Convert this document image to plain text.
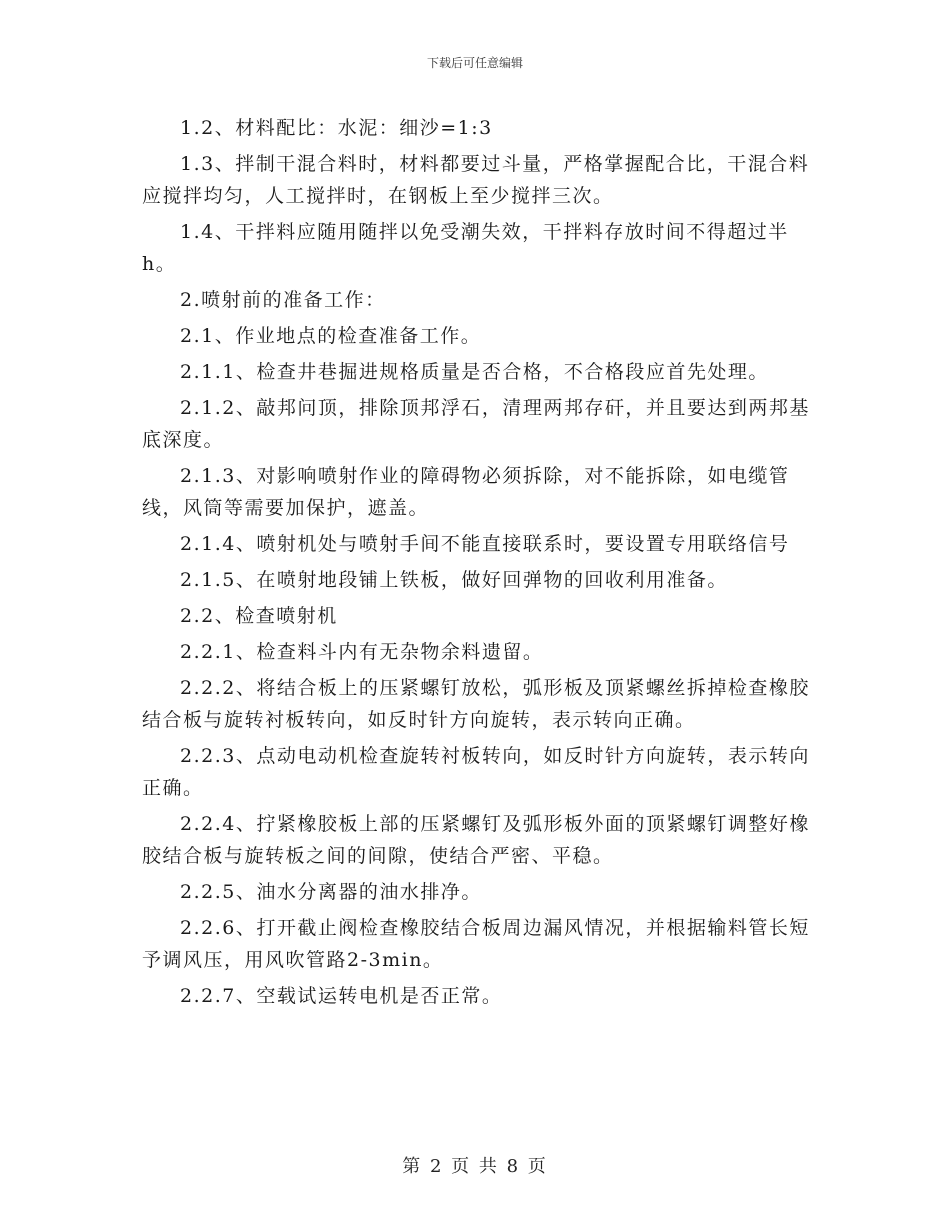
下载后可任意编辑

1.2、材料配比：水泥：细沙=1:3

1.3、拌制干混合料时，材料都要过斗量，严格掌握配合比，干混合料应搅拌均匀，人工搅拌时，在钢板上至少搅拌三次。

1.4、干拌料应随用随拌以免受潮失效，干拌料存放时间不得超过半h。

2.喷射前的准备工作：

2.1、作业地点的检查准备工作。

2.1.1、检查井巷掘进规格质量是否合格，不合格段应首先处理。

2.1.2、敲邦问顶，排除顶邦浮石，清理两邦存矸，并且要达到两邦基底深度。

2.1.3、对影响喷射作业的障碍物必须拆除，对不能拆除，如电缆管线，风筒等需要加保护，遮盖。

2.1.4、喷射机处与喷射手间不能直接联系时，要设置专用联络信号

2.1.5、在喷射地段铺上铁板，做好回弹物的回收利用准备。

2.2、检查喷射机

2.2.1、检查料斗内有无杂物余料遗留。

2.2.2、将结合板上的压紧螺钉放松，弧形板及顶紧螺丝拆掉检查橡胶结合板与旋转衬板转向，如反时针方向旋转，表示转向正确。

2.2.3、点动电动机检查旋转衬板转向，如反时针方向旋转，表示转向正确。

2.2.4、拧紧橡胶板上部的压紧螺钉及弧形板外面的顶紧螺钉调整好橡胶结合板与旋转板之间的间隙，使结合严密、平稳。

2.2.5、油水分离器的油水排净。

2.2.6、打开截止阀检查橡胶结合板周边漏风情况，并根据输料管长短予调风压，用风吹管路2-3min。

2.2.7、空载试运转电机是否正常。

第 2 页 共 8 页
